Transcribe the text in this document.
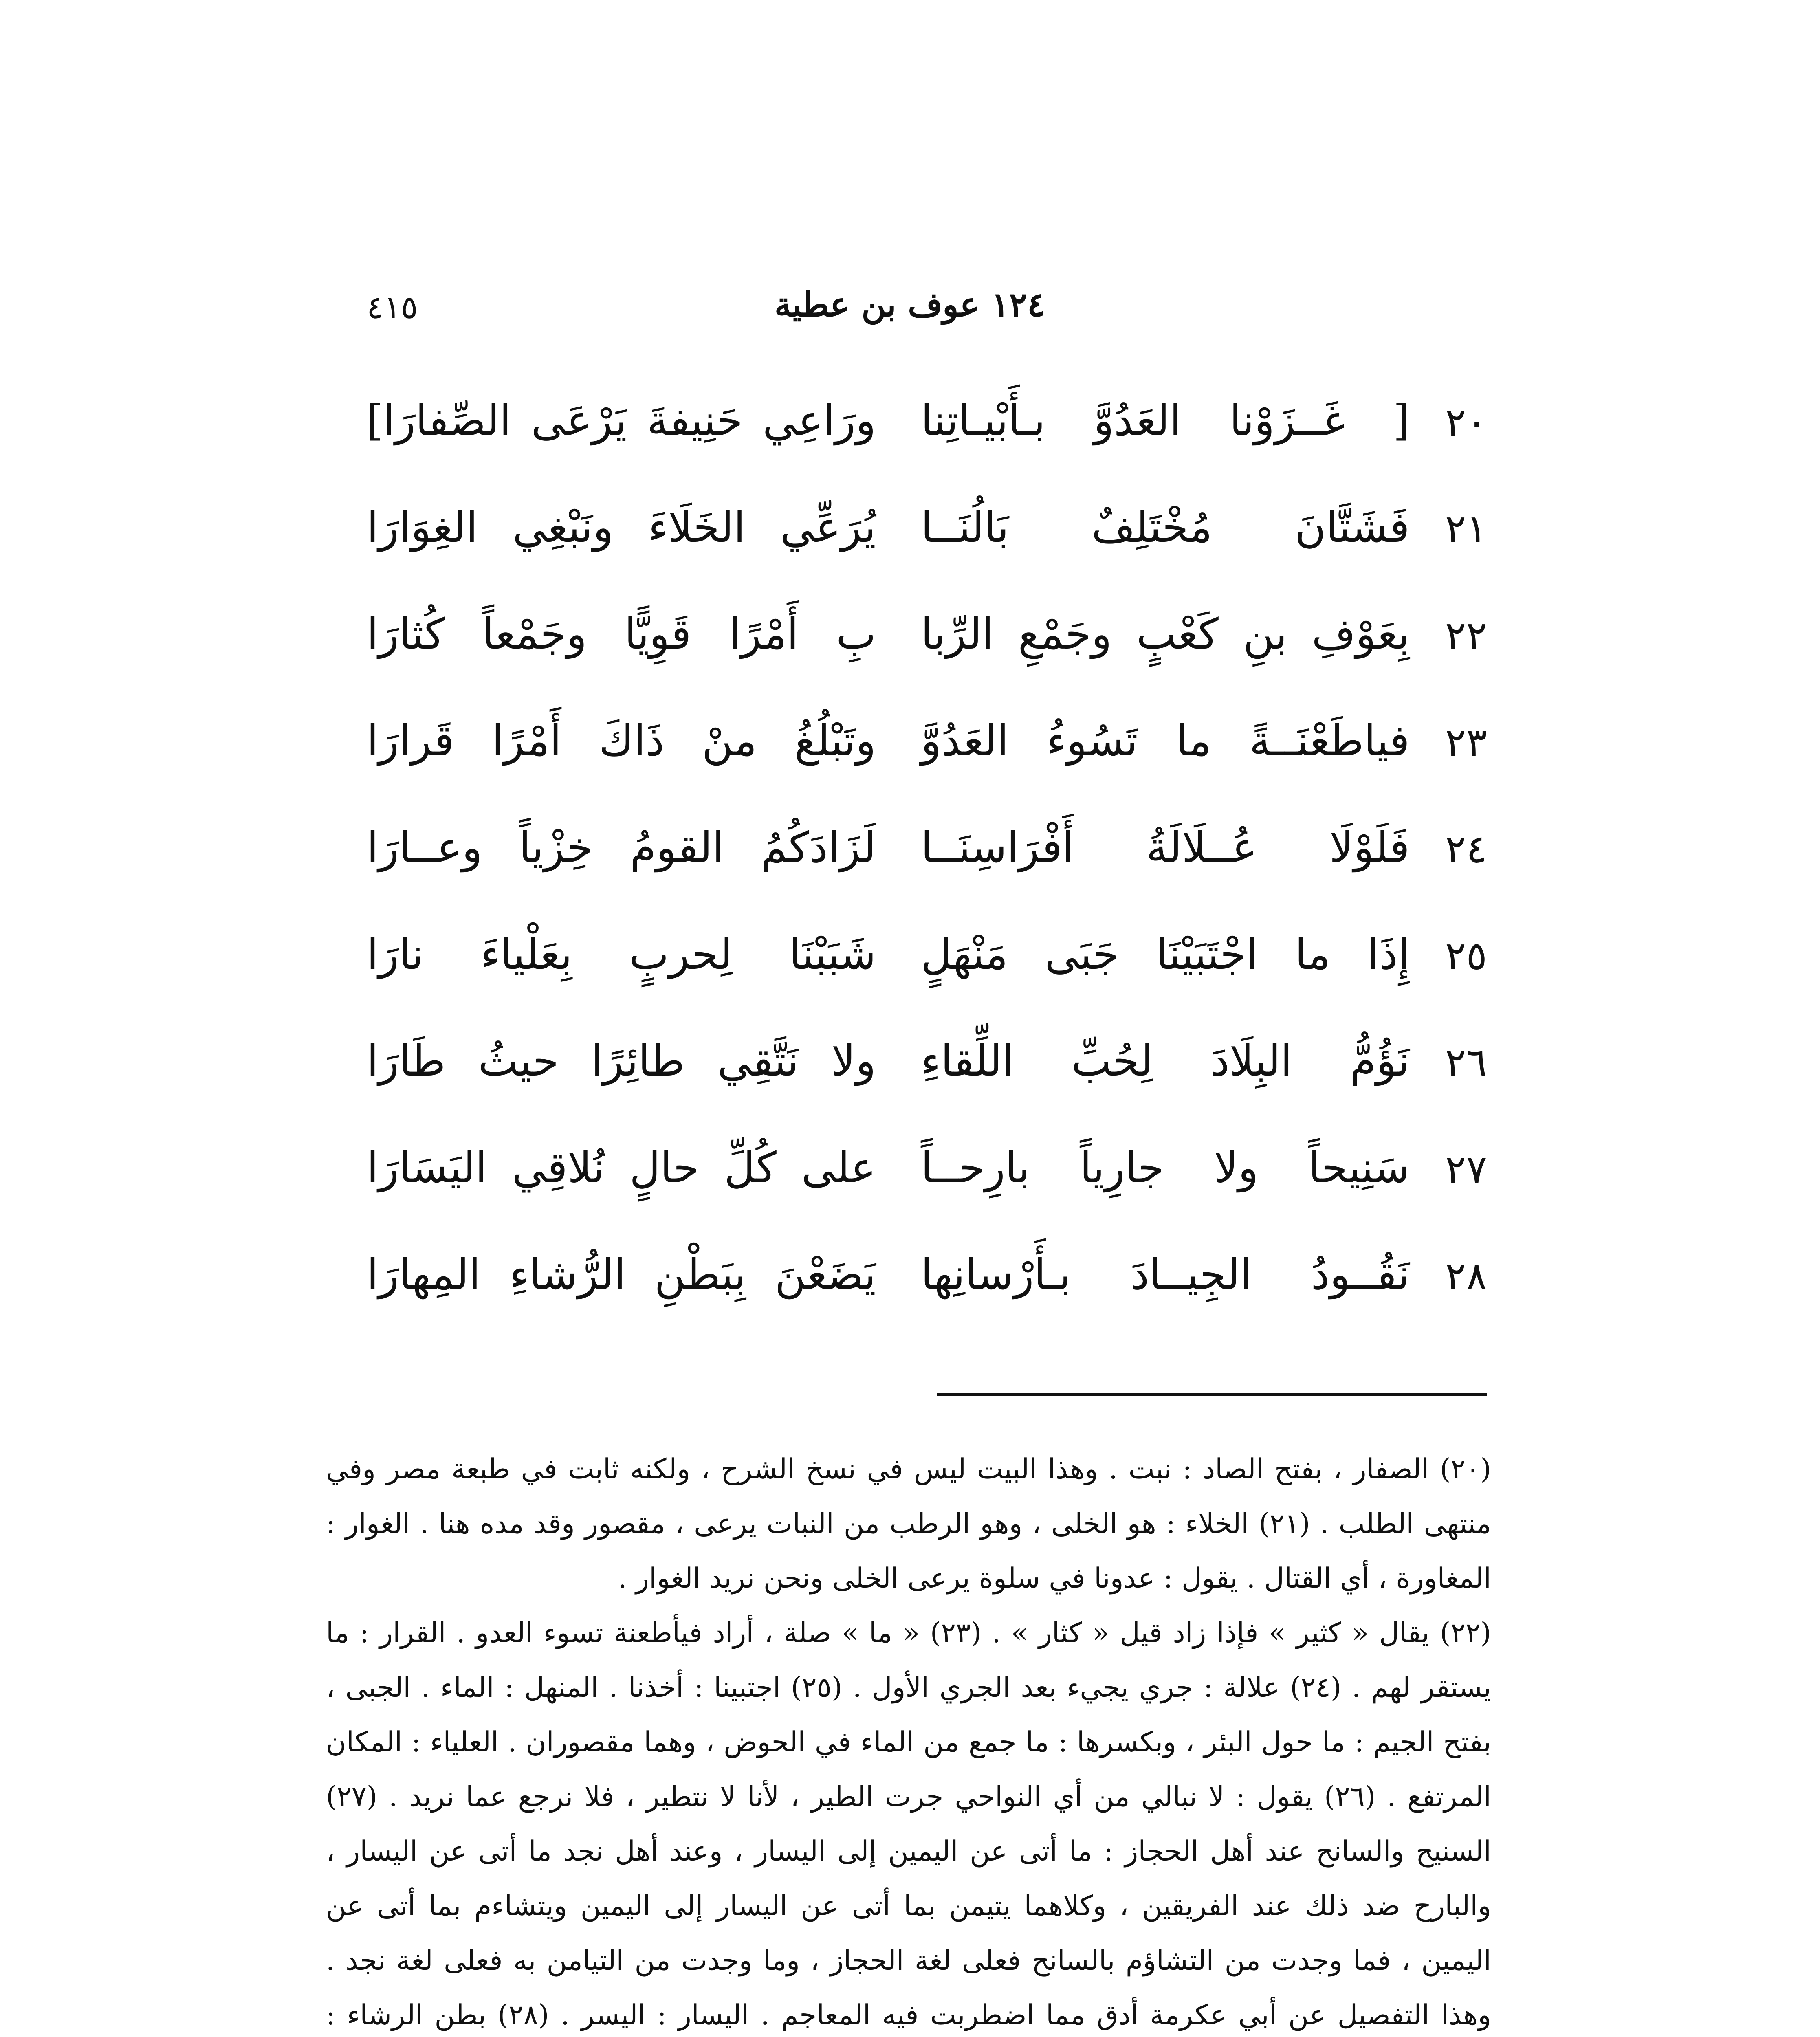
٤١٥	١٢٤ عوف بن عطية
٢٠
[ غَــزَوْنا العَدُوَّ بـأَبْيـاتِنا
ورَاعِي حَنِيفةَ يَرْعَى الصِّفارَا]
٢١
فَشَتَّانَ مُخْتَلِفٌ بَالُنَــا
يُرَعِّي الخَلَاءَ ونَبْغِي الغِوَارَا
٢٢
بِعَوْفِ بنِ كَعْبٍ وجَمْعِ الرِّبا
بِ أَمْرًا قَوِيًّا وجَمْعاً كُثارَا
٢٣
فياطَعْنَــةً ما تَسُوءُ العَدُوَّ
وتَبْلُغُ منْ ذَاكَ أَمْرًا قَرارَا
٢٤
فَلَوْلَا عُــلَالَةُ أَفْرَاسِنَــا
لَزَادَكُمُ القومُ خِزْياً وعــارَا
٢٥
إِذَا ما اجْتَبَيْنَا جَبَى مَنْهَلٍ
شَبَبْنَا لِحربٍ بِعَلْياءَ نارَا
٢٦
نَؤُمُّ البِلَادَ لِحُبِّ اللِّقاءِ
ولا نَتَّقِي طائِرًا حيثُ طَارَا
٢٧
سَنِيحاً ولا جارِياً بارِحــاً
على كُلِّ حالٍ نُلاقِي اليَسَارَا
٢٨
نَقُــودُ الجِيــادَ بـأَرْسانِها
يَضَعْنَ بِبَطْنِ الرُّشاءِ المِهارَا

(٢٠) الصفار ، بفتح الصاد : نبت . وهذا البيت ليس في نسخ الشرح ، ولكنه ثابت في طبعة مصر وفي منتهى الطلب . (٢١) الخلاء : هو الخلى ، وهو الرطب من النبات يرعى ، مقصور وقد مده هنا . الغوار : المغاورة ، أي القتال . يقول : عدونا في سلوة يرعى الخلى ونحن نريد الغوار .

(٢٢) يقال « كثير » فإذا زاد قيل « كثار » . (٢٣) « ما » صلة ، أراد فيأطعنة تسوء العدو . القرار : ما يستقر لهم . (٢٤) علالة : جري يجيء بعد الجري الأول . (٢٥) اجتبينا : أخذنا . المنهل : الماء . الجبى ، بفتح الجيم : ما حول البئر ، وبكسرها : ما جمع من الماء في الحوض ، وهما مقصوران . العلياء : المكان المرتفع . (٢٦) يقول : لا نبالي من أي النواحي جرت الطير ، لأنا لا نتطير ، فلا نرجع عما نريد . (٢٧) السنيح والسانح عند أهل الحجاز : ما أتى عن اليمين إلى اليسار ، وعند أهل نجد ما أتى عن اليسار ، والبارح ضد ذلك عند الفريقين ، وكلاهما يتيمن بما أتى عن اليسار إلى اليمين ويتشاءم بما أتى عن اليمين ، فما وجدت من التشاؤم بالسانح فعلى لغة الحجاز ، وما وجدت من التيامن به فعلى لغة نجد . وهذا التفصيل عن أبي عكرمة أدق مما اضطربت فيه المعاجم . اليسار : اليسر . (٢٨) بطن الرشاء :
